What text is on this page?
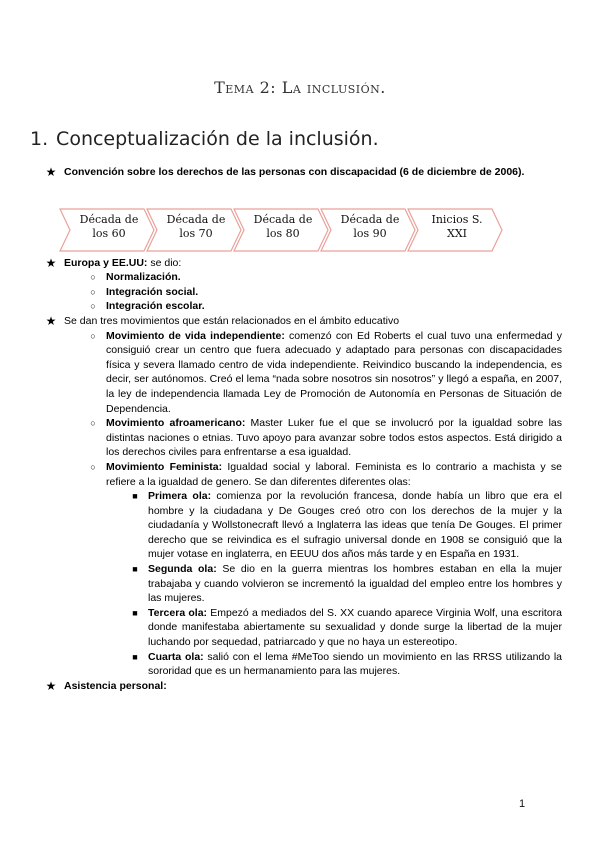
Tema 2: La inclusión.
1. Conceptualización de la inclusión.
★ Convención sobre los derechos de las personas con discapacidad (6 de diciembre de 2006).
Década de los 60
Década de los 70
Década de los 80
Década de los 90
Inicios S. XXI
★ Europa y EE.UU: se dio:
○ Normalización.
○ Integración social.
○ Integración escolar.
★ Se dan tres movimientos que están relacionados en el ámbito educativo
○ Movimiento de vida independiente: comenzó con Ed Roberts el cual tuvo una enfermedad y consiguió crear un centro que fuera adecuado y adaptado para personas con discapacidades física y severa llamado centro de vida independiente. Reivindico buscando la independencia, es decir, ser autónomos. Creó el lema “nada sobre nosotros sin nosotros” y llegó a españa, en 2007, la ley de independencia llamada Ley de Promoción de Autonomía en Personas de Situación de Dependencia.
○ Movimiento afroamericano: Master Luker fue el que se involucró por la igualdad sobre las distintas naciones o etnias. Tuvo apoyo para avanzar sobre todos estos aspectos. Está dirigido a los derechos civiles para enfrentarse a esa igualdad.
○ Movimiento Feminista: Igualdad social y laboral. Feminista es lo contrario a machista y se refiere a la igualdad de genero. Se dan diferentes diferentes olas:
■ Primera ola: comienza por la revolución francesa, donde había un libro que era el hombre y la ciudadana y De Gouges creó otro con los derechos de la mujer y la ciudadanía y Wollstonecraft llevó a Inglaterra las ideas que tenía De Gouges. El primer derecho que se reivindica es el sufragio universal donde en 1908 se consiguió que la mujer votase en inglaterra, en EEUU dos años más tarde y en España en 1931.
■ Segunda ola: Se dio en la guerra mientras los hombres estaban en ella la mujer trabajaba y cuando volvieron se incrementó la igualdad del empleo entre los hombres y las mujeres.
■ Tercera ola: Empezó a mediados del S. XX cuando aparece Virginia Wolf, una escritora donde manifestaba abiertamente su sexualidad y donde surge la libertad de la mujer luchando por sequedad, patriarcado y que no haya un estereotipo.
■ Cuarta ola: salió con el lema #MeToo siendo un movimiento en las RRSS utilizando la sororidad que es un hermanamiento para las mujeres.
★ Asistencia personal:
1
